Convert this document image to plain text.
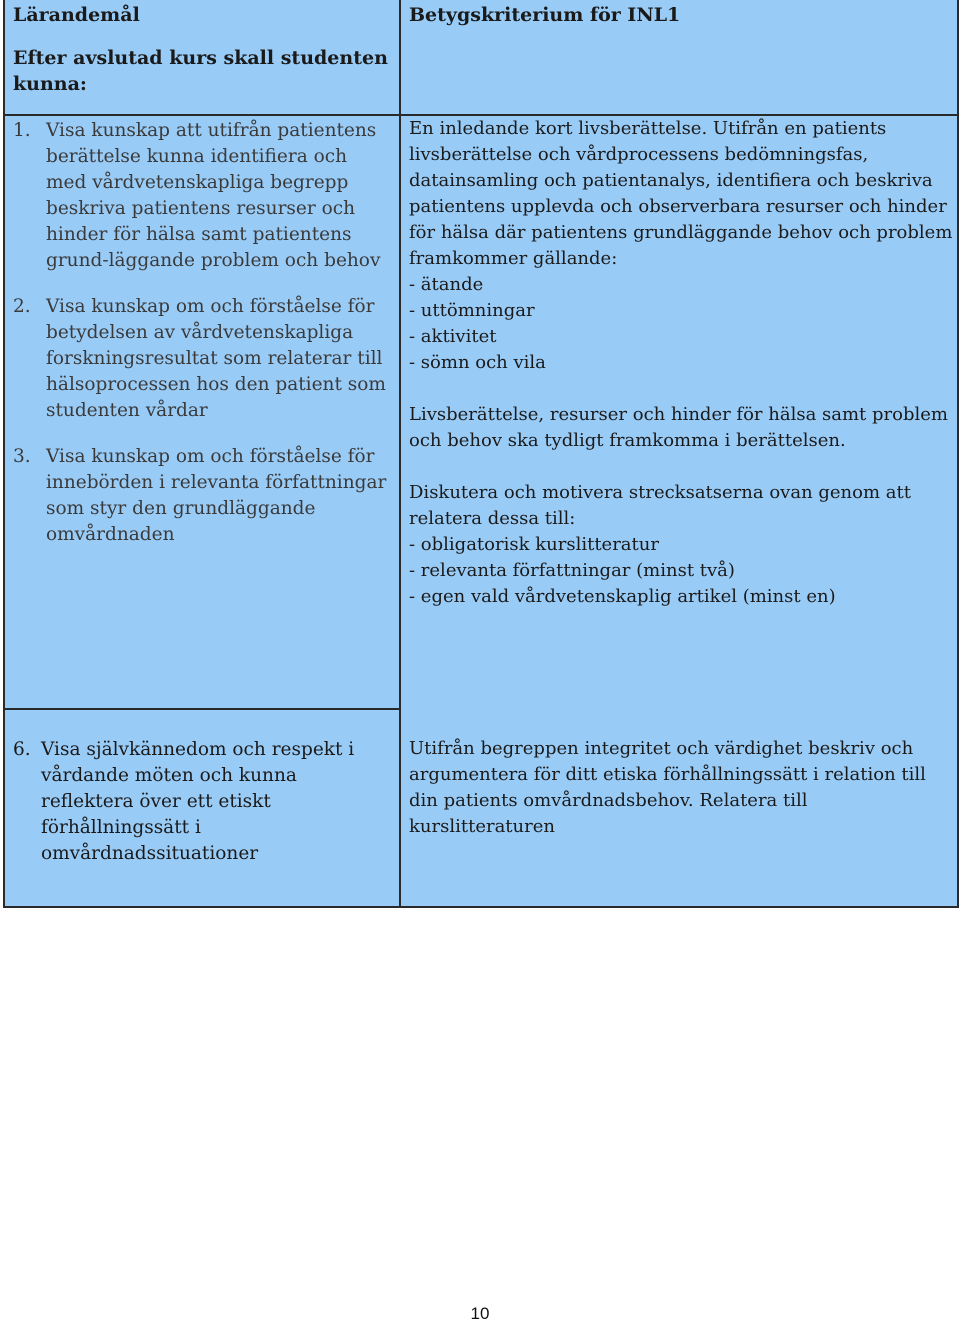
Lärandemål
Efter avslutad kurs skall studenten kunna:
Betygskriterium för INL1
1. Visa kunskap att utifrån patientens berättelse kunna identifiera och med vårdvetenskapliga begrepp beskriva patientens resurser och hinder för hälsa samt patientens grund-läggande problem och behov
2. Visa kunskap om och förståelse för betydelsen av vårdvetenskapliga forskningsresultat som relaterar till hälsoprocessen hos den patient som studenten vårdar
3. Visa kunskap om och förståelse för innebörden i relevanta författningar som styr den grundläggande omvårdnaden

En inledande kort livsberättelse. Utifrån en patients livsberättelse och vårdprocessens bedömningsfas, datainsamling och patientanalys, identifiera och beskriva patientens upplevda och observerbara resurser och hinder för hälsa där patientens grundläggande behov och problem framkommer gällande:

- ätande
- uttömningar
- aktivitet
- sömn och vila

Livsberättelse, resurser och hinder för hälsa samt problem och behov ska tydligt framkomma i berättelsen.

Diskutera och motivera strecksatserna ovan genom att relatera dessa till:

- obligatorisk kurslitteratur
- relevanta författningar (minst två)
- egen vald vårdvetenskaplig artikel (minst en)
6. Visa självkännedom och respekt i vårdande möten och kunna reflektera över ett etiskt förhållningssätt i omvårdnadssituationer

Utifrån begreppen integritet och värdighet beskriv och argumentera för ditt etiska förhållningssätt i relation till din patients omvårdnadsbehov. Relatera till kurslitteraturen

10
